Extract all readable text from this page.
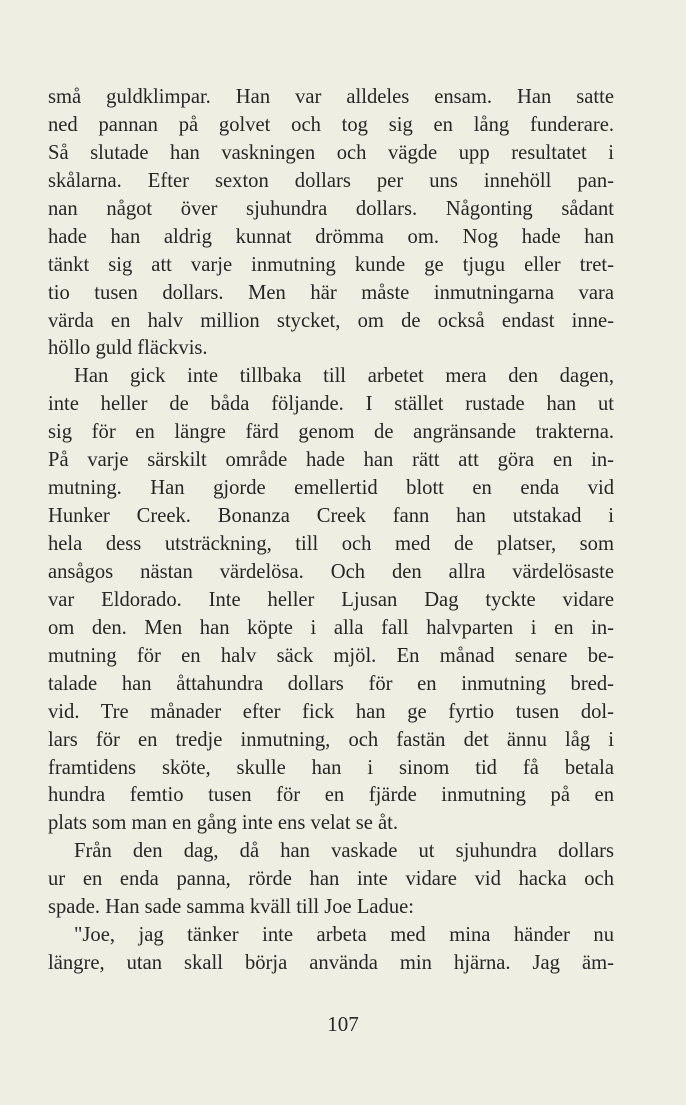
små guldklimpar. Han var alldeles ensam. Han satte
ned pannan på golvet och tog sig en lång funderare.
Så slutade han vaskningen och vägde upp resultatet i
skålarna. Efter sexton dollars per uns innehöll pan-
nan något över sjuhundra dollars. Någonting sådant
hade han aldrig kunnat drömma om. Nog hade han
tänkt sig att varje inmutning kunde ge tjugu eller tret-
tio tusen dollars. Men här måste inmutningarna vara
värda en halv million stycket, om de också endast inne-
höllo guld fläckvis.
Han gick inte tillbaka till arbetet mera den dagen,
inte heller de båda följande. I stället rustade han ut
sig för en längre färd genom de angränsande trakterna.
På varje särskilt område hade han rätt att göra en in-
mutning. Han gjorde emellertid blott en enda vid
Hunker Creek. Bonanza Creek fann han utstakad i
hela dess utsträckning, till och med de platser, som
ansågos nästan värdelösa. Och den allra värdelösaste
var Eldorado. Inte heller Ljusan Dag tyckte vidare
om den. Men han köpte i alla fall halvparten i en in-
mutning för en halv säck mjöl. En månad senare be-
talade han åttahundra dollars för en inmutning bred-
vid. Tre månader efter fick han ge fyrtio tusen dol-
lars för en tredje inmutning, och fastän det ännu låg i
framtidens sköte, skulle han i sinom tid få betala
hundra femtio tusen för en fjärde inmutning på en
plats som man en gång inte ens velat se åt.
Från den dag, då han vaskade ut sjuhundra dollars
ur en enda panna, rörde han inte vidare vid hacka och
spade. Han sade samma kväll till Joe Ladue:
"Joe, jag tänker inte arbeta med mina händer nu
längre, utan skall börja använda min hjärna. Jag äm-
107
